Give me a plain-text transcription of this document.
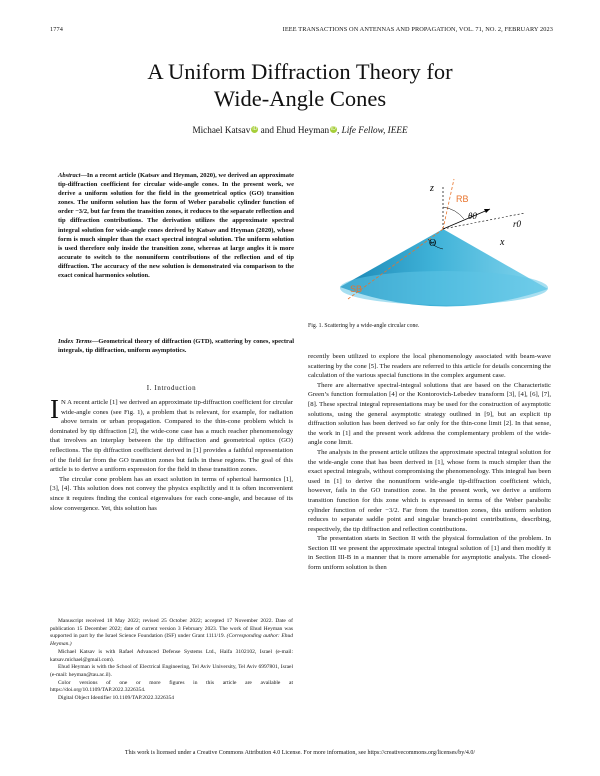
1774	IEEE TRANSACTIONS ON ANTENNAS AND PROPAGATION, VOL. 71, NO. 2, FEBRUARY 2023
A Uniform Diffraction Theory for
Wide-Angle Cones
Michael Katsav iD and Ehud Heyman iD, Life Fellow, IEEE
Abstract—In a recent article (Katsav and Heyman, 2020), we derived an approximate tip-diffraction coefficient for circular wide-angle cones. In the present work, we derive a uniform solution for the field in the geometrical optics (GO) transition zones. The uniform solution has the form of Weber parabolic cylinder function of order −3/2, but far from the transition zones, it reduces to the separate reflection and tip diffraction contributions. The derivation utilizes the approximate spectral integral solution for wide-angle cones derived by Katsav and Heyman (2020), whose form is much simpler than the exact spectral integral solution. The uniform solution is used therefore only inside the transition zone, whereas at large angles it is more accurate to switch to the nonuniform contributions of the reflection and of tip diffraction. The accuracy of the new solution is demonstrated via comparison to the exact conical harmonics solution.
Index Terms—Geometrical theory of diffraction (GTD), scattering by cones, spectral integrals, tip diffraction, uniform asymptotics.
I. Introduction

I N A recent article [1] we derived an approximate tip-diffraction coefficient for circular wide-angle cones (see Fig. 1), a problem that is relevant, for example, for radiation above terrain or urban propagation. Compared to the thin-cone problem which is dominated by tip diffraction [2], the wide-cone case has a much reacher phenomenology that involves an interplay between the tip diffraction and geometrical optics (GO) reflections. The tip diffraction coefficient derived in [1] provides a faithful representation of the field far from the GO transition zones but fails in these regions. The goal of this article is to derive a uniform expression for the field in these transition zones.

The circular cone problem has an exact solution in terms of spherical harmonics [1], [3], [4]. This solution does not convey the physics explicitly and it is often inconvenient since it requires finding the conical eigenvalues for each cone-angle, and because of its slow convergence. Yet, this solution has

Manuscript received 18 May 2022; revised 25 October 2022; accepted 17 November 2022. Date of publication 15 December 2022; date of current version 3 February 2023. The work of Ehud Heyman was supported in part by the Israel Science Foundation (ISF) under Grant 1111/19. (Corresponding author: Ehud Heyman.)

Michael Katsav is with Rafael Advanced Defense Systems Ltd., Haifa 3102102, Israel (e-mail: katsav.michael@gmail.com).

Ehud Heyman is with the School of Electrical Engineering, Tel Aviv University, Tel Aviv 6997801, Israel (e-mail: heyman@tau.ac.il).

Color versions of one or more figures in this article are available at https://doi.org/10.1109/TAP.2022.3226354.

Digital Object Identifier 10.1109/TAP.2022.3226354

z
RB
θ0
r0
Θ	x
SB
Fig. 1. Scattering by a wide-angle circular cone.

recently been utilized to explore the local phenomenology associated with beam-wave scattering by the cone [5]. The readers are referred to this article for details concerning the calculation of the various special functions in the complex argument case.

There are alternative spectral-integral solutions that are based on the Characteristic Green’s function formulation [4] or the Kontorovich-Lebedev transform [3], [4], [6], [7], [8]. These spectral integral representations may be used for the construction of asymptotic solutions, using the general asymptotic strategy outlined in [9], but an explicit tip diffraction solution has been derived so far only for the thin-cone limit [2]. In that sense, the work in [1] and the present work address the complementary problem of the wide-angle cone limit.

The analysis in the present article utilizes the approximate spectral integral solution for the wide-angle cone that has been derived in [1], whose form is much simpler than the exact spectral integrals, without compromising the phenomenology. This integral has been used in [1] to derive the nonuniform wide-angle tip-diffraction coefficient which, however, fails in the GO transition zone. In the present work, we derive a uniform transition function for this zone which is expressed in terms of the Weber parabolic cylinder function of order −3/2. Far from the transition zones, this uniform solution reduces to separate saddle point and singular branch-point contributions, describing, respectively, the tip diffraction and reflection contributions.

The presentation starts in Section II with the physical formulation of the problem. In Section III we present the approximate spectral integral solution of [1] and then modify it in Section III-B in a manner that is more amenable for asymptotic analysis. The closed-form uniform solution is then

This work is licensed under a Creative Commons Attribution 4.0 License. For more information, see https://creativecommons.org/licenses/by/4.0/
